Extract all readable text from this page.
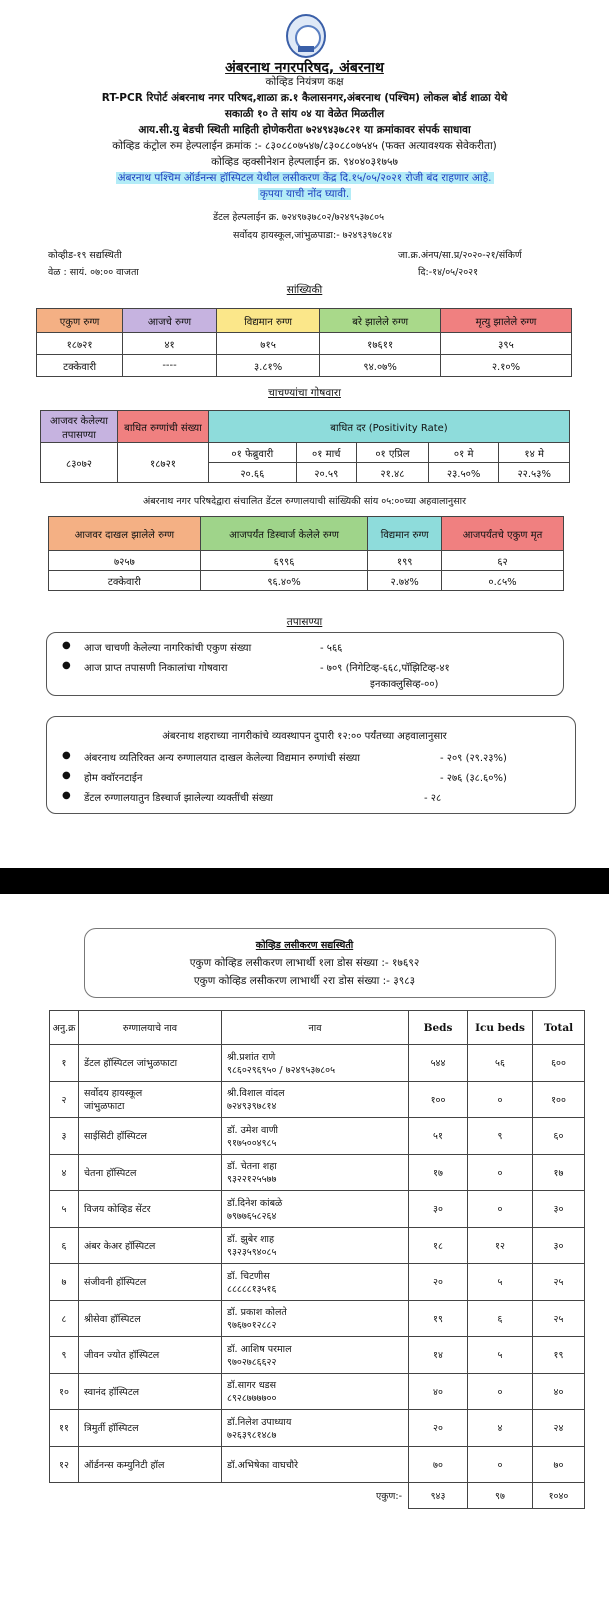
अंबरनाथ नगरपरिषद, अंबरनाथ
कोव्हिड नियंत्रण कक्ष
RT-PCR रिपोर्ट अंबरनाथ नगर परिषद,शाळा क्र.१ कैलासनगर,अंबरनाथ (पश्चिम) लोकल बोर्ड शाळा येथे
सकाळी १० ते सांय ०४ या वेळेत मिळतील
आय.सी.यु बेडची स्थिती माहिती होणेकरीता ७२४९४३७८२१ या क्रमांकावर संपर्क साधावा
कोव्हिड कंट्रोल रुम हेल्पलाईन क्रमांक :- ८३०८८०७५४७/८३०८८०७५४५ (फक्त अत्यावश्यक सेवेकरीता)
कोव्हिड व्हक्सीनेशन हेल्पलाईन क्र. ९४०४०३१७५७
अंबरनाथ पश्चिम ऑर्डनन्स हॉस्पिटल येथील लसीकरण केंद्र दि.१५/०५/२०२१ रोजी बंद राहणार आहे.
कृपया याची नोंद घ्यावी.
डेंटल हेल्पलाईन क्र. ७२४९७३७८०२/७२४९५३७८०५
सर्वोदय हायस्कूल,जांभुळपाडा:- ७२४९३९७८१४
कोव्हीड-१९ सद्यस्थिती
वेळ : सायं. ०७:०० वाजता
जा.क्र.अंनप/सा.प्र/२०२०-२१/संकिर्ण
दि:-१४/०५/२०२१
सांख्यिकी
एकुण रुग्ण	आजचे रुग्ण	विद्यमान रुग्ण	बरे झालेले रुग्ण	मृत्यु झालेले रुग्ण
१८७२१	४१	७१५	१७६११	३९५
टक्केवारी	----	३.८१%	९४.०७%	२.१०%
चाचण्यांचा गोषवारा
आजवर केलेल्या तपासण्या	बाधित रुग्णांची संख्या	बाधित दर (Positivity Rate)				
८३०७२	१८७२१	०१ फेब्रुवारी	०१ मार्च	०१ एप्रिल	०१ मे	१४ मे
		२०.६६	२०.५९	२१.४८	२३.५०%	२२.५३%
अंबरनाथ नगर परिषदेद्वारा संचालित डेंटल रुग्णालयाची सांख्यिकी सांय ०५:००च्या अहवालानुसार
आजवर दाखल झालेले रुग्ण	आजपर्यंत डिस्चार्ज केलेले रुग्ण	विद्यमान रुग्ण	आजपर्यंतचे एकुण मृत
७२५७	६९९६	१९९	६२
टक्केवारी	९६.४०%	२.७४%	०.८५%
तपासण्या
● आज चाचणी केलेल्या नागरिकांची एकुण संख्या	- ५६६
● आज प्राप्त तपासणी निकालांचा गोषवारा	- ७०९ (निगेटिव्ह-६६८,पॉझिटिव्ह-४१
इनकाक्लुसिव्ह-००)
अंबरनाथ शहराच्या नागरीकांचे व्यवस्थापन दुपारी १२:०० पर्यंतच्या अहवालानुसार
● अंबरनाथ व्यतिरिक्त अन्य रुग्णालयात दाखल केलेल्या विद्यमान रुग्णांची संख्या	- २०९ (२९.२३%)
● होम क्वॉरनटाईन	- २७६ (३८.६०%)
● डेंटल रुग्णालयातुन डिस्चार्ज झालेल्या व्यक्तींची संख्या	- २८
कोव्हिड लसीकरण सद्यस्थिती
एकुण कोव्हिड लसीकरण लाभार्थी १ला डोस संख्या :- १७६९२
एकुण कोव्हिड लसीकरण लाभार्थी २रा डोस संख्या :- ३९८३
अनु.क्र	रुग्णालयाचे नाव	नाव	Beds	Icu beds	Total
१	डेंटल हॉस्पिटल जांभुळफाटा	श्री.प्रशांत राणे
९८६०२९६९५० / ७२४९५३७८०५	५४४	५६	६००
२	सर्वोदय हायस्कूल
जांभुळफाटा	श्री.विशाल वांदल
७२४९३९७८१४	१००	०	१००
३	साईसिटी हॉस्पिटल	डॉ. उमेश वाणी
९१७५००४९८५	५१	९	६०
४	चेतना हॉस्पिटल	डॉ. चेतना शहा
९३२२१२५५७७	१७	०	१७
५	विजय कोव्हिड सेंटर	डॉ.दिनेश कांबळे
७९७७६५८२६४	३०	०	३०
६	अंबर केअर हॉस्पिटल	डॉ. झुबेर शाह
९३२३५९४०८५	१८	१२	३०
७	संजीवनी हॉस्पिटल	डॉ. चिटणीस
८८८८८१३५१६	२०	५	२५
८	श्रीसेवा हॉस्पिटल	डॉ. प्रकाश कोलते
९७६७०१२८८२	१९	६	२५
९	जीवन ज्योत हॉस्पिटल	डॉ. आशिष परमाल
९७०२७८६६२२	१४	५	१९
१०	स्वानंद हॉस्पिटल	डॉ.सागर धडस
८९२८७७७७००	४०	०	४०
११	त्रिमुर्ती हॉस्पिटल	डॉ.निलेश उपाध्याय
७२६३९८१४८७	२०	४	२४
१२	ऑर्डनन्स कम्युनिटी हॉल	डॉ.अभिषेका वाघचौरे	७०	०	७०
एकुण:-			९४३	९७	१०४०
